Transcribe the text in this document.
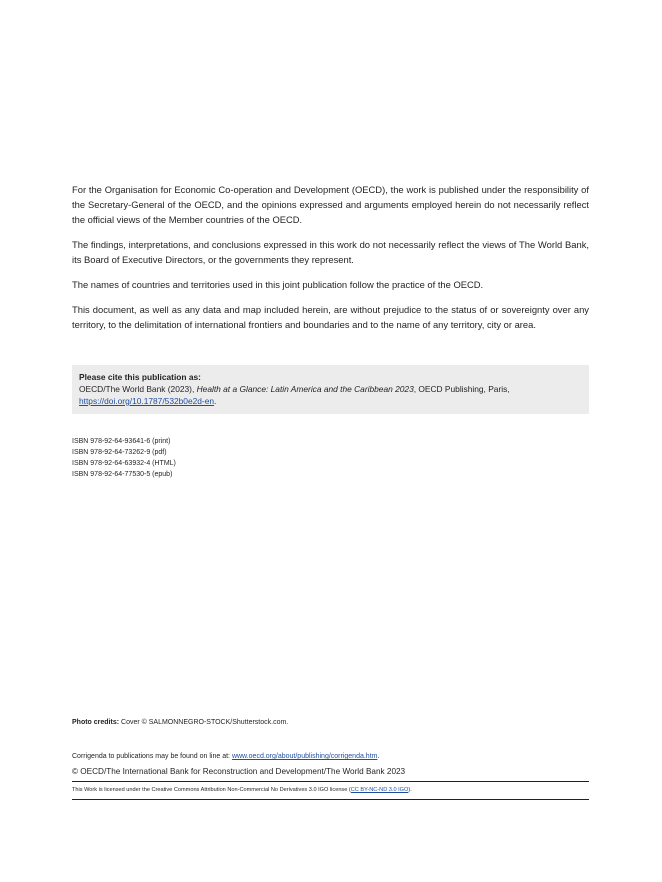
For the Organisation for Economic Co-operation and Development (OECD), the work is published under the responsibility of the Secretary-General of the OECD, and the opinions expressed and arguments employed herein do not necessarily reflect the official views of the Member countries of the OECD.

The findings, interpretations, and conclusions expressed in this work do not necessarily reflect the views of The World Bank, its Board of Executive Directors, or the governments they represent.

The names of countries and territories used in this joint publication follow the practice of the OECD.

This document, as well as any data and map included herein, are without prejudice to the status of or sovereignty over any territory, to the delimitation of international frontiers and boundaries and to the name of any territory, city or area.

Please cite this publication as:
OECD/The World Bank (2023), Health at a Glance: Latin America and the Caribbean 2023, OECD Publishing, Paris,
https://doi.org/10.1787/532b0e2d-en.
ISBN 978-92-64-93641-6 (print)
ISBN 978-92-64-73262-9 (pdf)
ISBN 978-92-64-63932-4 (HTML)
ISBN 978-92-64-77530-5 (epub)
Photo credits: Cover © SALMONNEGRO-STOCK/Shutterstock.com.
Corrigenda to publications may be found on line at: www.oecd.org/about/publishing/corrigenda.htm.
© OECD/The International Bank for Reconstruction and Development/The World Bank 2023
This Work is licensed under the Creative Commons Attribution Non-Commercial No Derivatives 3.0 IGO license (CC BY-NC-ND 3.0 IGO).
